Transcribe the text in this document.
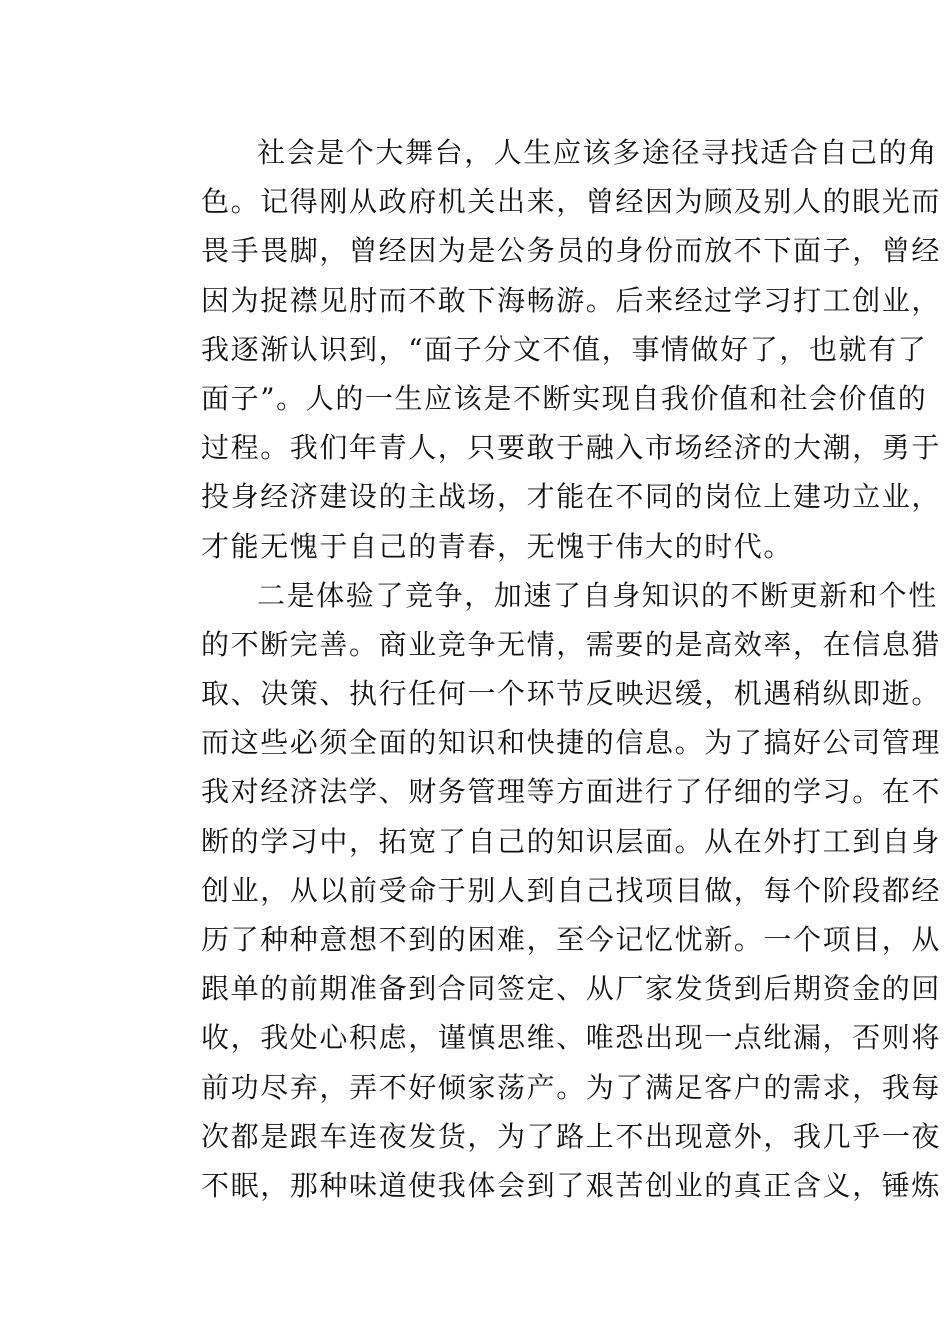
社会是个大舞台，人生应该多途径寻找适合自己的角
色。记得刚从政府机关出来，曾经因为顾及别人的眼光而
畏手畏脚，曾经因为是公务员的身份而放不下面子，曾经
因为捉襟见肘而不敢下海畅游。后来经过学习打工创业，
我逐渐认识到，“面子分文不值，事情做好了，也就有了
面子”。人的一生应该是不断实现自我价值和社会价值的
过程。我们年青人，只要敢于融入市场经济的大潮，勇于
投身经济建设的主战场，才能在不同的岗位上建功立业，
才能无愧于自己的青春，无愧于伟大的时代。
二是体验了竞争，加速了自身知识的不断更新和个性
的不断完善。商业竞争无情，需要的是高效率，在信息猎
取、决策、执行任何一个环节反映迟缓，机遇稍纵即逝。
而这些必须全面的知识和快捷的信息。为了搞好公司管理
我对经济法学、财务管理等方面进行了仔细的学习。在不
断的学习中，拓宽了自己的知识层面。从在外打工到自身
创业，从以前受命于别人到自己找项目做，每个阶段都经
历了种种意想不到的困难，至今记忆忧新。一个项目，从
跟单的前期准备到合同签定、从厂家发货到后期资金的回
收，我处心积虑，谨慎思维、唯恐出现一点纰漏，否则将
前功尽弃，弄不好倾家荡产。为了满足客户的需求，我每
次都是跟车连夜发货，为了路上不出现意外，我几乎一夜
不眠，那种味道使我体会到了艰苦创业的真正含义，锤炼
